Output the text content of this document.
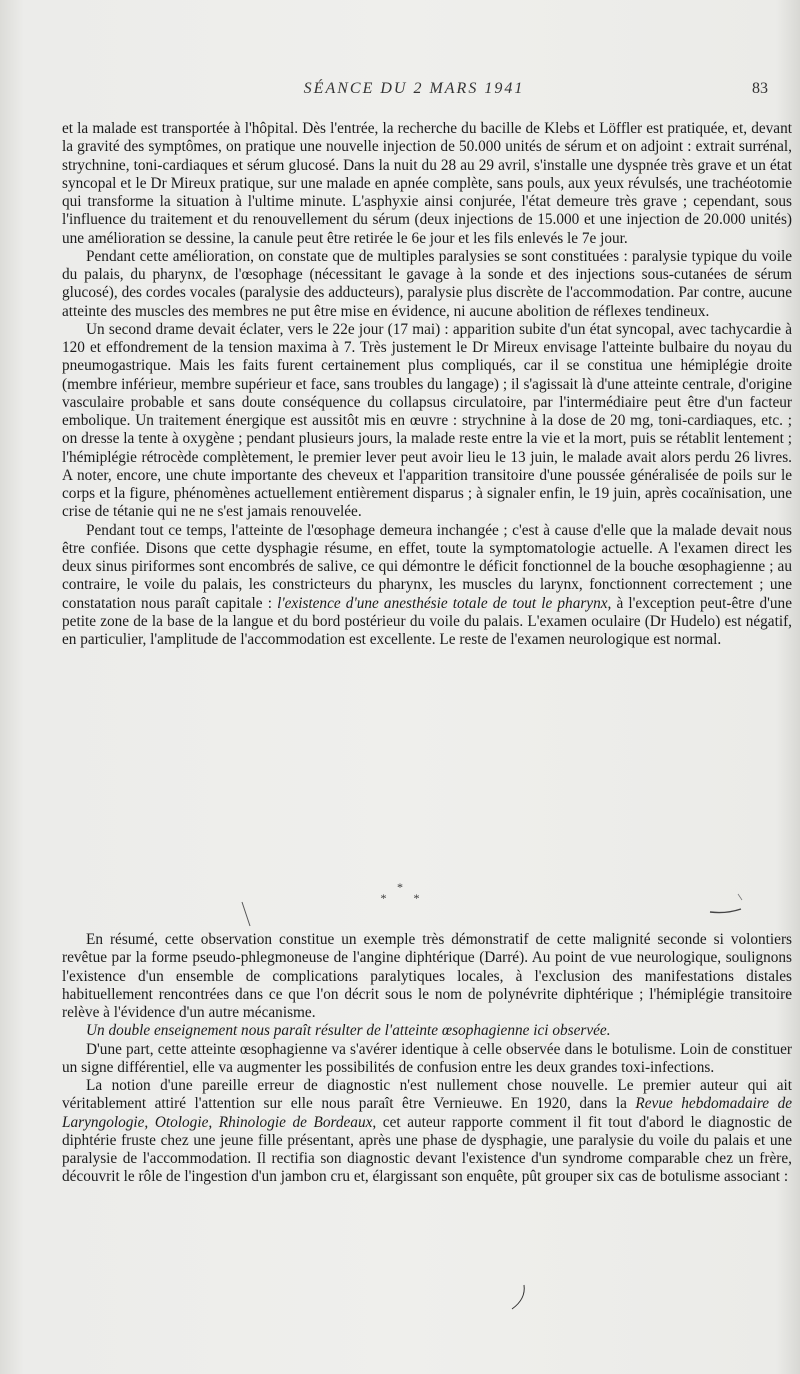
SÉANCE DU 2 MARS 1941	83

et la malade est transportée à l'hôpital. Dès l'entrée, la recherche du bacille de Klebs et Löffler est pratiquée, et, devant la gravité des symptômes, on pratique une nouvelle injection de 50.000 unités de sérum et on adjoint : extrait surrénal, strychnine, toni-cardiaques et sérum glucosé. Dans la nuit du 28 au 29 avril, s'installe une dyspnée très grave et un état syncopal et le Dr Mireux pratique, sur une malade en apnée complète, sans pouls, aux yeux révulsés, une trachéotomie qui transforme la situation à l'ultime minute. L'asphyxie ainsi conjurée, l'état demeure très grave ; cependant, sous l'influence du traitement et du renouvellement du sérum (deux injections de 15.000 et une injection de 20.000 unités) une amélioration se dessine, la canule peut être retirée le 6e jour et les fils enlevés le 7e jour.

Pendant cette amélioration, on constate que de multiples paralysies se sont constituées : paralysie typique du voile du palais, du pharynx, de l'œsophage (nécessitant le gavage à la sonde et des injections sous-cutanées de sérum glucosé), des cordes vocales (paralysie des adducteurs), paralysie plus discrète de l'accommodation. Par contre, aucune atteinte des muscles des membres ne put être mise en évidence, ni aucune abolition de réflexes tendineux.

Un second drame devait éclater, vers le 22e jour (17 mai) : apparition subite d'un état syncopal, avec tachycardie à 120 et effondrement de la tension maxima à 7. Très justement le Dr Mireux envisage l'atteinte bulbaire du noyau du pneumogastrique. Mais les faits furent certainement plus compliqués, car il se constitua une hémiplégie droite (membre inférieur, membre supérieur et face, sans troubles du langage) ; il s'agissait là d'une atteinte centrale, d'origine vasculaire probable et sans doute conséquence du collapsus circulatoire, par l'intermédiaire peut être d'un facteur embolique. Un traitement énergique est aussitôt mis en œuvre : strychnine à la dose de 20 mg, toni-cardiaques, etc. ; on dresse la tente à oxygène ; pendant plusieurs jours, la malade reste entre la vie et la mort, puis se rétablit lentement ; l'hémiplégie rétrocède complètement, le premier lever peut avoir lieu le 13 juin, le malade avait alors perdu 26 livres. A noter, encore, une chute importante des cheveux et l'apparition transitoire d'une poussée généralisée de poils sur le corps et la figure, phénomènes actuellement entièrement disparus ; à signaler enfin, le 19 juin, après cocaïnisation, une crise de tétanie qui ne ne s'est jamais renouvelée.

Pendant tout ce temps, l'atteinte de l'œsophage demeura inchangée ; c'est à cause d'elle que la malade devait nous être confiée. Disons que cette dysphagie résume, en effet, toute la symptomatologie actuelle. A l'examen direct les deux sinus piriformes sont encombrés de salive, ce qui démontre le déficit fonctionnel de la bouche œsophagienne ; au contraire, le voile du palais, les constricteurs du pharynx, les muscles du larynx, fonctionnent correctement ; une constatation nous paraît capitale : l'existence d'une anesthésie totale de tout le pharynx, à l'exception peut-être d'une petite zone de la base de la langue et du bord postérieur du voile du palais. L'examen oculaire (Dr Hudelo) est négatif, en particulier, l'amplitude de l'accommodation est excellente. Le reste de l'examen neurologique est normal.

*
* *

En résumé, cette observation constitue un exemple très démonstratif de cette malignité seconde si volontiers revêtue par la forme pseudo-phlegmoneuse de l'angine diphtérique (Darré). Au point de vue neurologique, soulignons l'existence d'un ensemble de complications paralytiques locales, à l'exclusion des manifestations distales habituellement rencontrées dans ce que l'on décrit sous le nom de polynévrite diphtérique ; l'hémiplégie transitoire relève à l'évidence d'un autre mécanisme.

Un double enseignement nous paraît résulter de l'atteinte œsophagienne ici observée.

D'une part, cette atteinte œsophagienne va s'avérer identique à celle observée dans le botulisme. Loin de constituer un signe différentiel, elle va augmenter les possibilités de confusion entre les deux grandes toxi-infections.

La notion d'une pareille erreur de diagnostic n'est nullement chose nouvelle. Le premier auteur qui ait véritablement attiré l'attention sur elle nous paraît être Vernieuwe. En 1920, dans la Revue hebdomadaire de Laryngologie, Otologie, Rhinologie de Bordeaux, cet auteur rapporte comment il fit tout d'abord le diagnostic de diphtérie fruste chez une jeune fille présentant, après une phase de dysphagie, une paralysie du voile du palais et une paralysie de l'accommodation. Il rectifia son diagnostic devant l'existence d'un syndrome comparable chez un frère, découvrit le rôle de l'ingestion d'un jambon cru et, élargissant son enquête, pût grouper six cas de botulisme associant :
